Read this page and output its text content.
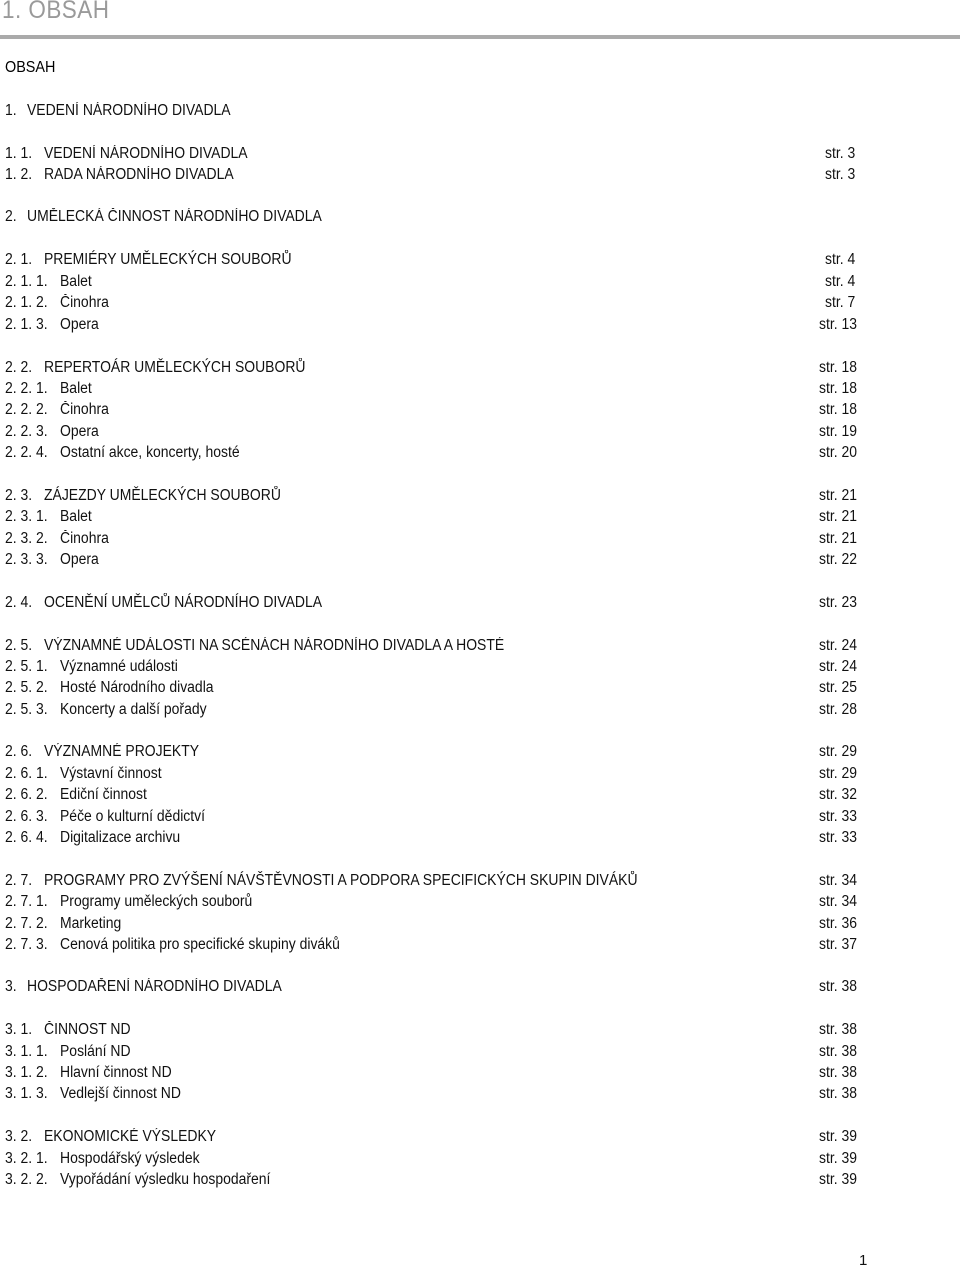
1. OBSAH
OBSAH
1. VEDENÍ NÁRODNÍHO DIVADLA
1. 1. VEDENÍ NÁRODNÍHO DIVADLA	str. 3
1. 2. RADA NÁRODNÍHO DIVADLA	str. 3
2. UMĚLECKÁ ČINNOST NÁRODNÍHO DIVADLA
2. 1. PREMIÉRY UMĚLECKÝCH SOUBORŮ	str. 4
2. 1. 1. Balet	str. 4
2. 1. 2. Činohra	str. 7
2. 1. 3. Opera	str. 13
2. 2. REPERTOÁR UMĚLECKÝCH SOUBORŮ	str. 18
2. 2. 1. Balet	str. 18
2. 2. 2. Činohra	str. 18
2. 2. 3. Opera	str. 19
2. 2. 4. Ostatní akce, koncerty, hosté	str. 20
2. 3. ZÁJEZDY UMĚLECKÝCH SOUBORŮ	str. 21
2. 3. 1. Balet	str. 21
2. 3. 2. Činohra	str. 21
2. 3. 3. Opera	str. 22
2. 4. OCENĚNÍ UMĚLCŮ NÁRODNÍHO DIVADLA	str. 23
2. 5. VÝZNAMNÉ UDÁLOSTI NA SCÉNÁCH NÁRODNÍHO DIVADLA A HOSTÉ	str. 24
2. 5. 1. Významné události	str. 24
2. 5. 2. Hosté Národního divadla	str. 25
2. 5. 3. Koncerty a další pořady	str. 28
2. 6. VÝZNAMNÉ PROJEKTY	str. 29
2. 6. 1. Výstavní činnost	str. 29
2. 6. 2. Ediční činnost	str. 32
2. 6. 3. Péče o kulturní dědictví	str. 33
2. 6. 4. Digitalizace archivu	str. 33
2. 7. PROGRAMY PRO ZVÝŠENÍ NÁVŠTĚVNOSTI A PODPORA SPECIFICKÝCH SKUPIN DIVÁKŮ	str. 34
2. 7. 1. Programy uměleckých souborů	str. 34
2. 7. 2. Marketing	str. 36
2. 7. 3. Cenová politika pro specifické skupiny diváků	str. 37
3. HOSPODAŘENÍ NÁRODNÍHO DIVADLA	str. 38
3. 1. ČINNOST ND	str. 38
3. 1. 1. Poslání ND	str. 38
3. 1. 2. Hlavní činnost ND	str. 38
3. 1. 3. Vedlejší činnost ND	str. 38
3. 2. EKONOMICKÉ VÝSLEDKY	str. 39
3. 2. 1. Hospodářský výsledek	str. 39
3. 2. 2. Vypořádání výsledku hospodaření	str. 39
1
